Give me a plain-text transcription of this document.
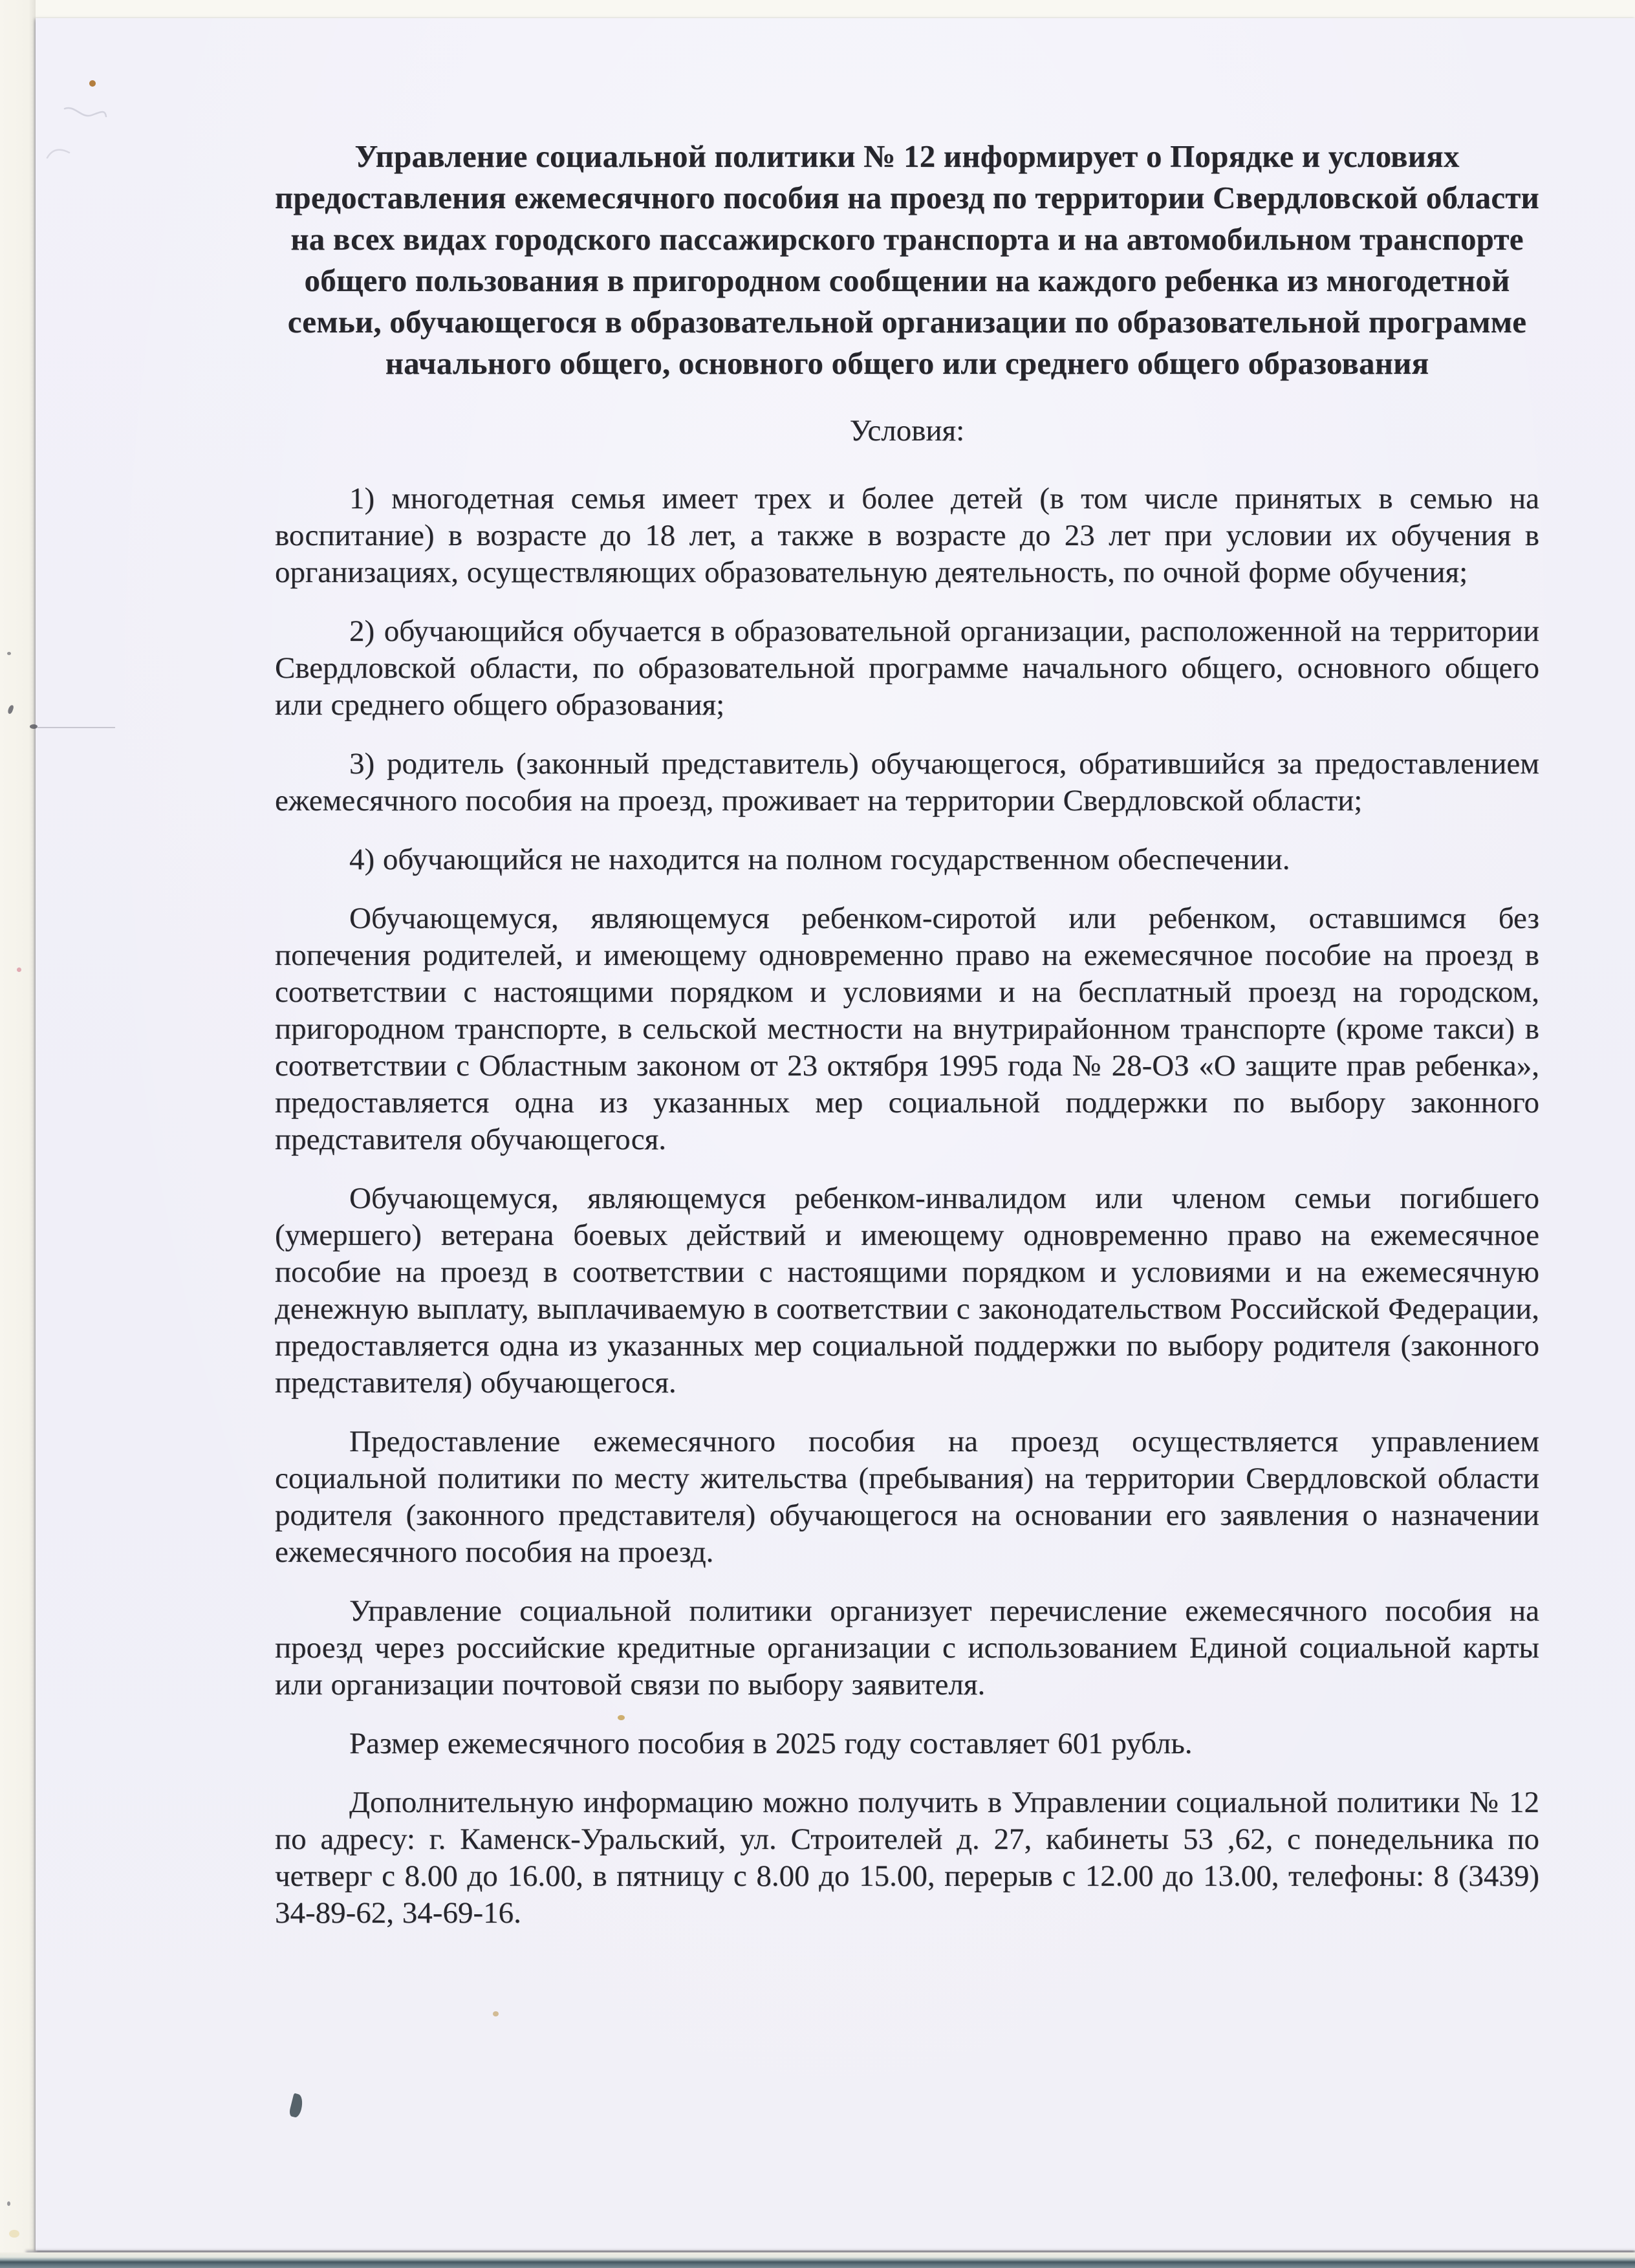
Управление социальной политики № 12 информирует о Порядке и условиях предоставления ежемесячного пособия на проезд по территории Свердловской области на всех видах городского пассажирского транспорта и на автомобильном транспорте общего пользования в пригородном сообщении на каждого ребенка из многодетной семьи, обучающегося в образовательной организации по образовательной программе начального общего, основного общего или среднего общего образования
Условия:

1) многодетная семья имеет трех и более детей (в том числе принятых в семью на воспитание) в возрасте до 18 лет, а также в возрасте до 23 лет при условии их обучения в организациях, осуществляющих образовательную деятельность, по очной форме обучения;

2) обучающийся обучается в образовательной организации, расположенной на территории Свердловской области, по образовательной программе начального общего, основного общего или среднего общего образования;

3) родитель (законный представитель) обучающегося, обратившийся за предоставлением ежемесячного пособия на проезд, проживает на территории Свердловской области;

4) обучающийся не находится на полном государственном обеспечении.

Обучающемуся, являющемуся ребенком-сиротой или ребенком, оставшимся без попечения родителей, и имеющему одновременно право на ежемесячное пособие на проезд в соответствии с настоящими порядком и условиями и на бесплатный проезд на городском, пригородном транспорте, в сельской местности на внутрирайонном транспорте (кроме такси) в соответствии с Областным законом от 23 октября 1995 года № 28-ОЗ «О защите прав ребенка», предоставляется одна из указанных мер социальной поддержки по выбору законного представителя обучающегося.

Обучающемуся, являющемуся ребенком-инвалидом или членом семьи погибшего (умершего) ветерана боевых действий и имеющему одновременно право на ежемесячное пособие на проезд в соответствии с настоящими порядком и условиями и на ежемесячную денежную выплату, выплачиваемую в соответствии с законодательством Российской Федерации, предоставляется одна из указанных мер социальной поддержки по выбору родителя (законного представителя) обучающегося.

Предоставление ежемесячного пособия на проезд осуществляется управлением социальной политики по месту жительства (пребывания) на территории Свердловской области родителя (законного представителя) обучающегося на основании его заявления о назначении ежемесячного пособия на проезд.

Управление социальной политики организует перечисление ежемесячного пособия на проезд через российские кредитные организации с использованием Единой социальной карты или организации почтовой связи по выбору заявителя.

Размер ежемесячного пособия в 2025 году составляет 601 рубль.

Дополнительную информацию можно получить в Управлении социальной политики № 12 по адресу: г. Каменск-Уральский, ул. Строителей д. 27, кабинеты 53 ,62, с понедельника по четверг с 8.00 до 16.00, в пятницу с 8.00 до 15.00, перерыв с 12.00 до 13.00, телефоны: 8 (3439) 34-89-62, 34-69-16.
